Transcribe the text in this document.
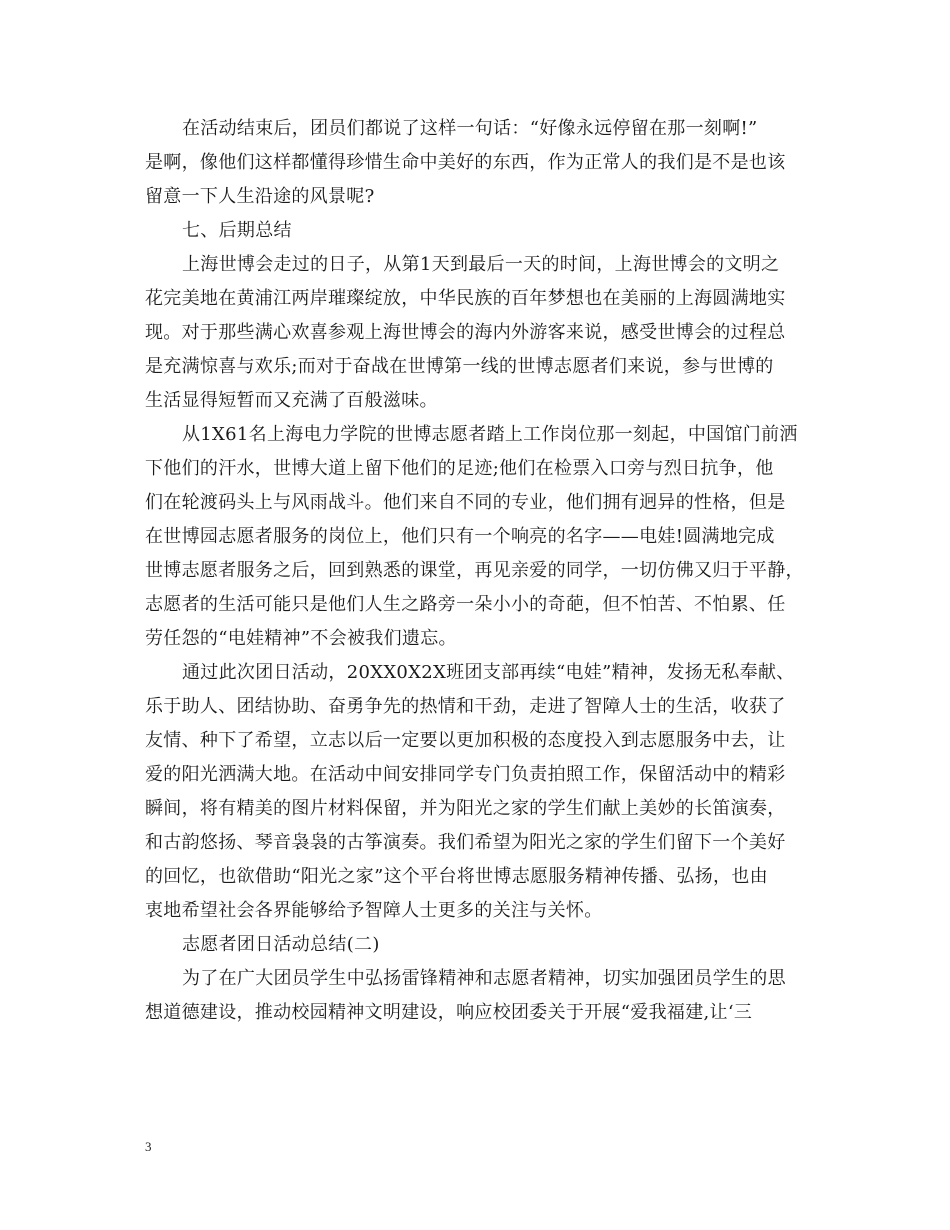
在活动结束后，团员们都说了这样一句话：“好像永远停留在那一刻啊!”
是啊，像他们这样都懂得珍惜生命中美好的东西，作为正常人的我们是不是也该
留意一下人生沿途的风景呢?
七、后期总结
上海世博会走过的日子，从第1天到最后一天的时间，上海世博会的文明之
花完美地在黄浦江两岸璀璨绽放，中华民族的百年梦想也在美丽的上海圆满地实
现。对于那些满心欢喜参观上海世博会的海内外游客来说，感受世博会的过程总
是充满惊喜与欢乐;而对于奋战在世博第一线的世博志愿者们来说，参与世博的
生活显得短暂而又充满了百般滋味。
从1X61名上海电力学院的世博志愿者踏上工作岗位那一刻起，中国馆门前洒
下他们的汗水，世博大道上留下他们的足迹;他们在检票入口旁与烈日抗争，他
们在轮渡码头上与风雨战斗。他们来自不同的专业，他们拥有迥异的性格，但是
在世博园志愿者服务的岗位上，他们只有一个响亮的名字——电娃!圆满地完成
世博志愿者服务之后，回到熟悉的课堂，再见亲爱的同学，一切仿佛又归于平静，
志愿者的生活可能只是他们人生之路旁一朵小小的奇葩，但不怕苦、不怕累、任
劳任怨的“电娃精神”不会被我们遗忘。
通过此次团日活动，20XX0X2X班团支部再续“电娃”精神，发扬无私奉献、
乐于助人、团结协助、奋勇争先的热情和干劲，走进了智障人士的生活，收获了
友情、种下了希望，立志以后一定要以更加积极的态度投入到志愿服务中去，让
爱的阳光洒满大地。在活动中间安排同学专门负责拍照工作，保留活动中的精彩
瞬间，将有精美的图片材料保留，并为阳光之家的学生们献上美妙的长笛演奏，
和古韵悠扬、琴音袅袅的古筝演奏。我们希望为阳光之家的学生们留下一个美好
的回忆，也欲借助“阳光之家”这个平台将世博志愿服务精神传播、弘扬，也由
衷地希望社会各界能够给予智障人士更多的关注与关怀。
志愿者团日活动总结(二)
为了在广大团员学生中弘扬雷锋精神和志愿者精神，切实加强团员学生的思
想道德建设，推动校园精神文明建设，响应校团委关于开展“爱我福建,让‘三
3
